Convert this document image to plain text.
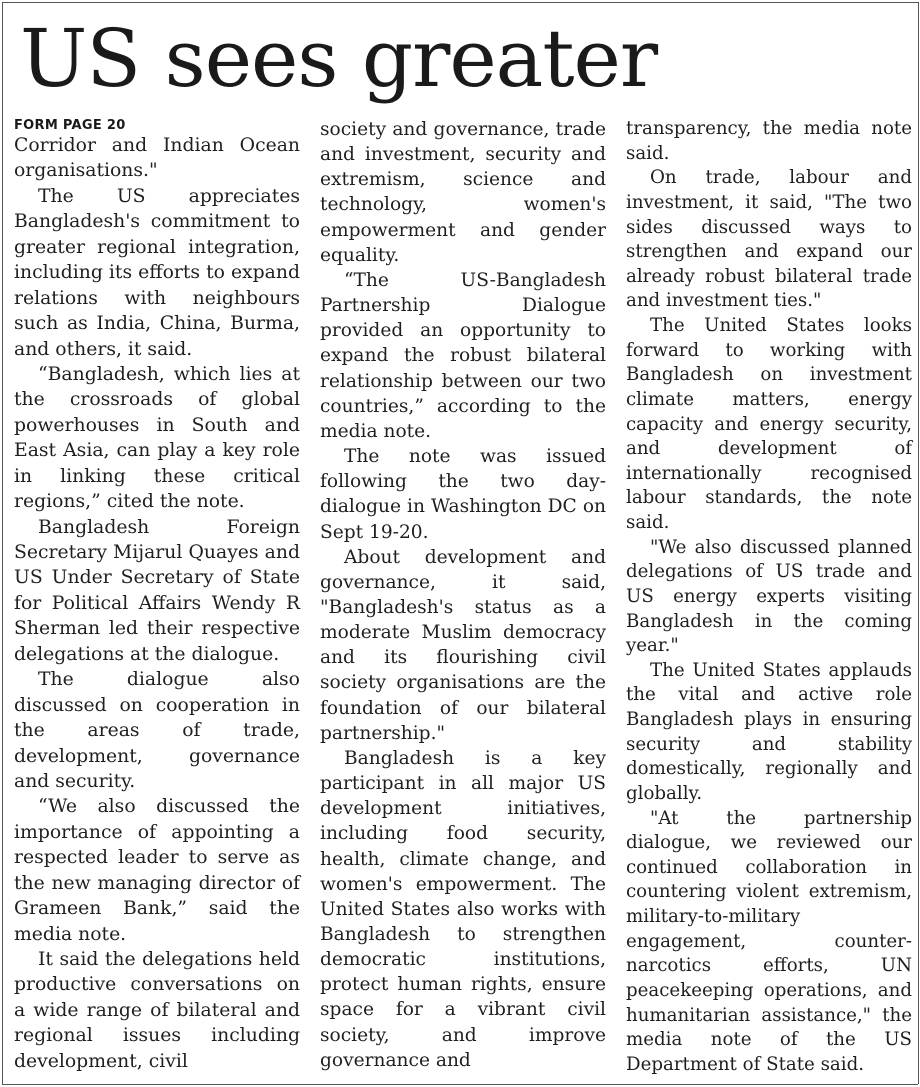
US sees greater
FORM PAGE 20

Corridor and Indian Ocean organisations."

The US appreciates Bangladesh's commitment to greater regional integration, including its efforts to expand relations with neighbours such as India, China, Burma, and others, it said.

“Bangladesh, which lies at the crossroads of global powerhouses in South and East Asia, can play a key role in linking these critical regions,” cited the note.

Bangladesh Foreign Secretary Mijarul Quayes and US Under Secretary of State for Political Affairs Wendy R Sherman led their respective delegations at the dialogue.

The dialogue also discussed on cooperation in the areas of trade, development, governance and security.

“We also discussed the importance of appointing a respected leader to serve as the new managing director of Grameen Bank,” said the media note.

It said the delegations held productive conversations on a wide range of bilateral and regional issues including development, civil

society and governance, trade and investment, security and extremism, science and technology, women's empowerment and gender equality.

“The US-Bangladesh Partnership Dialogue provided an opportunity to expand the robust bilateral relationship between our two countries,” according to the media note.

The note was issued following the two day-dialogue in Washington DC on Sept 19-20.

About development and governance, it said, "Bangladesh's status as a moderate Muslim democracy and its flourishing civil society organisations are the foundation of our bilateral partnership."

Bangladesh is a key participant in all major US development initiatives, including food security, health, climate change, and women's empowerment. The United States also works with Bangladesh to strengthen democratic institutions, protect human rights, ensure space for a vibrant civil society, and improve governance and

transparency, the media note said.

On trade, labour and investment, it said, "The two sides discussed ways to strengthen and expand our already robust bilateral trade and investment ties."

The United States looks forward to working with Bangladesh on investment climate matters, energy capacity and energy security, and development of internationally recognised labour standards, the note said.

"We also discussed planned delegations of US trade and US energy experts visiting Bangladesh in the coming year."

The United States applauds the vital and active role Bangladesh plays in ensuring security and stability domestically, regionally and globally.

"At the partnership dialogue, we reviewed our continued collaboration in countering violent extremism, military-to-military engagement, counter-narcotics efforts, UN peacekeeping operations, and humanitarian assistance," the media note of the US Department of State said.
